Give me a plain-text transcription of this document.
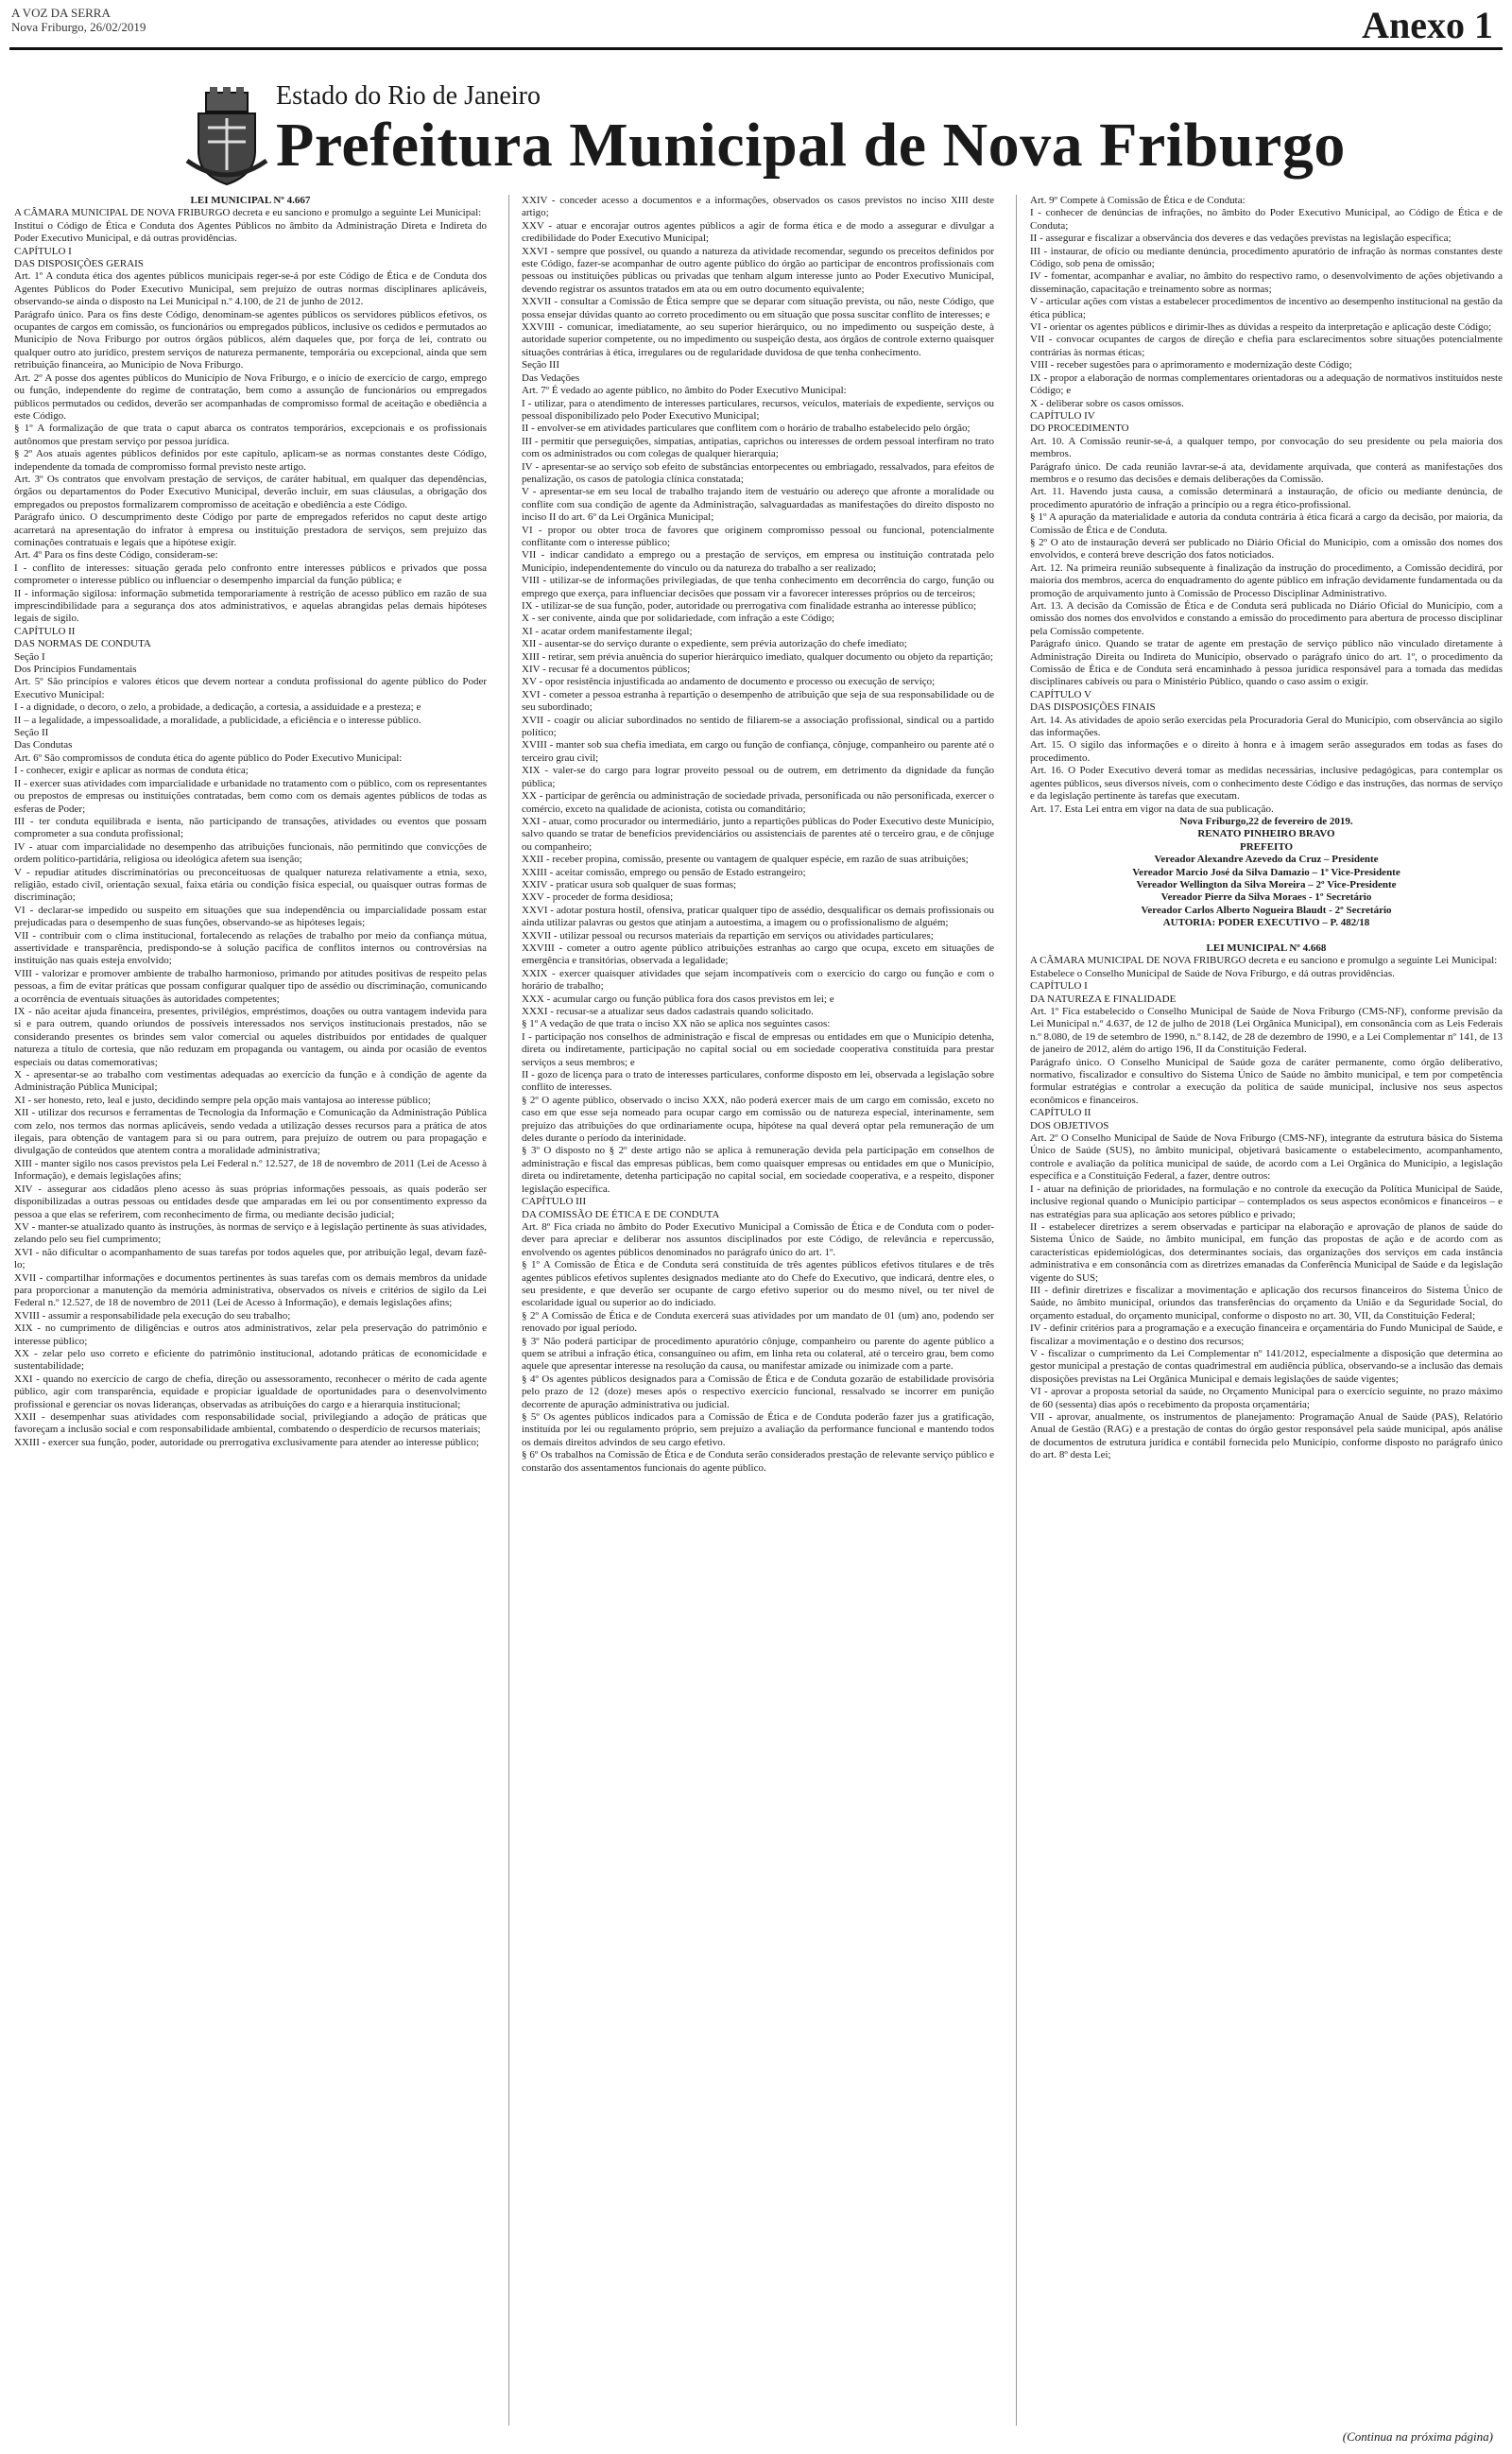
A VOZ DA SERRA
Nova Friburgo, 26/02/2019	Anexo 1
Estado do Rio de Janeiro
Prefeitura Municipal de Nova Friburgo

LEI MUNICIPAL Nº 4.667

A CÂMARA MUNICIPAL DE NOVA FRIBURGO decreta e eu sanciono e promulgo a seguinte Lei Municipal:

Institui o Código de Ética e Conduta dos Agentes Públicos no âmbito da Administração Direta e Indireta do Poder Executivo Municipal, e dá outras providências.

CAPÍTULO I

DAS DISPOSIÇÕES GERAIS

Art. 1º A conduta ética dos agentes públicos municipais reger-se-á por este Código de Ética e de Conduta dos Agentes Públicos do Poder Executivo Municipal, sem prejuízo de outras normas disciplinares aplicáveis, observando-se ainda o disposto na Lei Municipal n.º 4.100, de 21 de junho de 2012.

Parágrafo único. Para os fins deste Código, denominam-se agentes públicos os servidores públicos efetivos, os ocupantes de cargos em comissão, os funcionários ou empregados públicos, inclusive os cedidos e permutados ao Município de Nova Friburgo por outros órgãos públicos, além daqueles que, por força de lei, contrato ou qualquer outro ato jurídico, prestem serviços de natureza permanente, temporária ou excepcional, ainda que sem retribuição financeira, ao Município de Nova Friburgo.

Art. 2º A posse dos agentes públicos do Município de Nova Friburgo, e o início de exercício de cargo, emprego ou função, independente do regime de contratação, bem como a assunção de funcionários ou empregados públicos permutados ou cedidos, deverão ser acompanhadas de compromisso formal de aceitação e obediência a este Código.

§ 1º A formalização de que trata o caput abarca os contratos temporários, excepcionais e os profissionais autônomos que prestam serviço por pessoa jurídica.

§ 2º Aos atuais agentes públicos definidos por este capítulo, aplicam-se as normas constantes deste Código, independente da tomada de compromisso formal previsto neste artigo.

Art. 3º Os contratos que envolvam prestação de serviços, de caráter habitual, em qualquer das dependências, órgãos ou departamentos do Poder Executivo Municipal, deverão incluir, em suas cláusulas, a obrigação dos empregados ou prepostos formalizarem compromisso de aceitação e obediência a este Código.

Parágrafo único. O descumprimento deste Código por parte de empregados referidos no caput deste artigo acarretará na apresentação do infrator à empresa ou instituição prestadora de serviços, sem prejuízo das cominações contratuais e legais que a hipótese exigir.

Art. 4º Para os fins deste Código, consideram-se:

I - conflito de interesses: situação gerada pelo confronto entre interesses públicos e privados que possa comprometer o interesse público ou influenciar o desempenho imparcial da função pública; e

II - informação sigilosa: informação submetida temporariamente à restrição de acesso público em razão de sua imprescindibilidade para a segurança dos atos administrativos, e aquelas abrangidas pelas demais hipóteses legais de sigilo.

CAPÍTULO II

DAS NORMAS DE CONDUTA

Seção I

Dos Princípios Fundamentais

Art. 5º São princípios e valores éticos que devem nortear a conduta profissional do agente público do Poder Executivo Municipal:

I - a dignidade, o decoro, o zelo, a probidade, a dedicação, a cortesia, a assiduidade e a presteza; e

II – a legalidade, a impessoalidade, a moralidade, a publicidade, a eficiência e o interesse público.

Seção II

Das Condutas

Art. 6º São compromissos de conduta ética do agente público do Poder Executivo Municipal:

I - conhecer, exigir e aplicar as normas de conduta ética;

II - exercer suas atividades com imparcialidade e urbanidade no tratamento com o público, com os representantes ou prepostos de empresas ou instituições contratadas, bem como com os demais agentes públicos de todas as esferas de Poder;

III - ter conduta equilibrada e isenta, não participando de transações, atividades ou eventos que possam comprometer a sua conduta profissional;

IV - atuar com imparcialidade no desempenho das atribuições funcionais, não permitindo que convicções de ordem político-partidária, religiosa ou ideológica afetem sua isenção;

V - repudiar atitudes discriminatórias ou preconceituosas de qualquer natureza relativamente a etnia, sexo, religião, estado civil, orientação sexual, faixa etária ou condição física especial, ou quaisquer outras formas de discriminação;

VI - declarar-se impedido ou suspeito em situações que sua independência ou imparcialidade possam estar prejudicadas para o desempenho de suas funções, observando-se as hipóteses legais;

VII - contribuir com o clima institucional, fortalecendo as relações de trabalho por meio da confiança mútua, assertividade e transparência, predispondo-se à solução pacífica de conflitos internos ou controvérsias na instituição nas quais esteja envolvido;

VIII - valorizar e promover ambiente de trabalho harmonioso, primando por atitudes positivas de respeito pelas pessoas, a fim de evitar práticas que possam configurar qualquer tipo de assédio ou discriminação, comunicando a ocorrência de eventuais situações às autoridades competentes;

IX - não aceitar ajuda financeira, presentes, privilégios, empréstimos, doações ou outra vantagem indevida para si e para outrem, quando oriundos de possíveis interessados nos serviços institucionais prestados, não se considerando presentes os brindes sem valor comercial ou aqueles distribuídos por entidades de qualquer natureza a título de cortesia, que não reduzam em propaganda ou vantagem, ou ainda por ocasião de eventos especiais ou datas comemorativas;

X - apresentar-se ao trabalho com vestimentas adequadas ao exercício da função e à condição de agente da Administração Pública Municipal;

XI - ser honesto, reto, leal e justo, decidindo sempre pela opção mais vantajosa ao interesse público;

XII - utilizar dos recursos e ferramentas de Tecnologia da Informação e Comunicação da Administração Pública com zelo, nos termos das normas aplicáveis, sendo vedada a utilização desses recursos para a prática de atos ilegais, para obtenção de vantagem para si ou para outrem, para prejuízo de outrem ou para propagação e divulgação de conteúdos que atentem contra a moralidade administrativa;

XIII - manter sigilo nos casos previstos pela Lei Federal n.º 12.527, de 18 de novembro de 2011 (Lei de Acesso à Informação), e demais legislações afins;

XIV - assegurar aos cidadãos pleno acesso às suas próprias informações pessoais, as quais poderão ser disponibilizadas a outras pessoas ou entidades desde que amparadas em lei ou por consentimento expresso da pessoa a que elas se referirem, com reconhecimento de firma, ou mediante decisão judicial;

XV - manter-se atualizado quanto às instruções, às normas de serviço e à legislação pertinente às suas atividades, zelando pelo seu fiel cumprimento;

XVI - não dificultar o acompanhamento de suas tarefas por todos aqueles que, por atribuição legal, devam fazê-lo;

XVII - compartilhar informações e documentos pertinentes às suas tarefas com os demais membros da unidade para proporcionar a manutenção da memória administrativa, observados os níveis e critérios de sigilo da Lei Federal n.º 12.527, de 18 de novembro de 2011 (Lei de Acesso à Informação), e demais legislações afins;

XVIII - assumir a responsabilidade pela execução do seu trabalho;

XIX - no cumprimento de diligências e outros atos administrativos, zelar pela preservação do patrimônio e interesse público;

XX - zelar pelo uso correto e eficiente do patrimônio institucional, adotando práticas de economicidade e sustentabilidade;

XXI - quando no exercício de cargo de chefia, direção ou assessoramento, reconhecer o mérito de cada agente público, agir com transparência, equidade e propiciar igualdade de oportunidades para o desenvolvimento profissional e gerenciar os novas lideranças, observadas as atribuições do cargo e a hierarquia institucional;

XXII - desempenhar suas atividades com responsabilidade social, privilegiando a adoção de práticas que favoreçam a inclusão social e com responsabilidade ambiental, combatendo o desperdício de recursos materiais;

XXIII - exercer sua função, poder, autoridade ou prerrogativa exclusivamente para atender ao interesse público;

XXIV - conceder acesso a documentos e a informações, observados os casos previstos no inciso XIII deste artigo;

XXV - atuar e encorajar outros agentes públicos a agir de forma ética e de modo a assegurar e divulgar a credibilidade do Poder Executivo Municipal;

XXVI - sempre que possível, ou quando a natureza da atividade recomendar, segundo os preceitos definidos por este Código, fazer-se acompanhar de outro agente público do órgão ao participar de encontros profissionais com pessoas ou instituições públicas ou privadas que tenham algum interesse junto ao Poder Executivo Municipal, devendo registrar os assuntos tratados em ata ou em outro documento equivalente;

XXVII - consultar a Comissão de Ética sempre que se deparar com situação prevista, ou não, neste Código, que possa ensejar dúvidas quanto ao correto procedimento ou em situação que possa suscitar conflito de interesses; e

XXVIII - comunicar, imediatamente, ao seu superior hierárquico, ou no impedimento ou suspeição deste, à autoridade superior competente, ou no impedimento ou suspeição desta, aos órgãos de controle externo quaisquer situações contrárias à ética, irregulares ou de regularidade duvidosa de que tenha conhecimento.

Seção III

Das Vedações

Art. 7º É vedado ao agente público, no âmbito do Poder Executivo Municipal:

I - utilizar, para o atendimento de interesses particulares, recursos, veículos, materiais de expediente, serviços ou pessoal disponibilizado pelo Poder Executivo Municipal;

II - envolver-se em atividades particulares que conflitem com o horário de trabalho estabelecido pelo órgão;

III - permitir que perseguições, simpatias, antipatias, caprichos ou interesses de ordem pessoal interfiram no trato com os administrados ou com colegas de qualquer hierarquia;

IV - apresentar-se ao serviço sob efeito de substâncias entorpecentes ou embriagado, ressalvados, para efeitos de penalização, os casos de patologia clínica constatada;

V - apresentar-se em seu local de trabalho trajando item de vestuário ou adereço que afronte a moralidade ou conflite com sua condição de agente da Administração, salvaguardadas as manifestações do direito disposto no inciso II do art. 6º da Lei Orgânica Municipal;

VI - propor ou obter troca de favores que originem compromisso pessoal ou funcional, potencialmente conflitante com o interesse público;

VII - indicar candidato a emprego ou a prestação de serviços, em empresa ou instituição contratada pelo Município, independentemente do vínculo ou da natureza do trabalho a ser realizado;

VIII - utilizar-se de informações privilegiadas, de que tenha conhecimento em decorrência do cargo, função ou emprego que exerça, para influenciar decisões que possam vir a favorecer interesses próprios ou de terceiros;

IX - utilizar-se de sua função, poder, autoridade ou prerrogativa com finalidade estranha ao interesse público;

X - ser conivente, ainda que por solidariedade, com infração a este Código;

XI - acatar ordem manifestamente ilegal;

XII - ausentar-se do serviço durante o expediente, sem prévia autorização do chefe imediato;

XIII - retirar, sem prévia anuência do superior hierárquico imediato, qualquer documento ou objeto da repartição;

XIV - recusar fé a documentos públicos;

XV - opor resistência injustificada ao andamento de documento e processo ou execução de serviço;

XVI - cometer a pessoa estranha à repartição o desempenho de atribuição que seja de sua responsabilidade ou de seu subordinado;

XVII - coagir ou aliciar subordinados no sentido de filiarem-se a associação profissional, sindical ou a partido político;

XVIII - manter sob sua chefia imediata, em cargo ou função de confiança, cônjuge, companheiro ou parente até o terceiro grau civil;

XIX - valer-se do cargo para lograr proveito pessoal ou de outrem, em detrimento da dignidade da função pública;

XX - participar de gerência ou administração de sociedade privada, personificada ou não personificada, exercer o comércio, exceto na qualidade de acionista, cotista ou comanditário;

XXI - atuar, como procurador ou intermediário, junto a repartições públicas do Poder Executivo deste Município, salvo quando se tratar de benefícios previdenciários ou assistenciais de parentes até o terceiro grau, e de cônjuge ou companheiro;

XXII - receber propina, comissão, presente ou vantagem de qualquer espécie, em razão de suas atribuições;

XXIII - aceitar comissão, emprego ou pensão de Estado estrangeiro;

XXIV - praticar usura sob qualquer de suas formas;

XXV - proceder de forma desidiosa;

XXVI - adotar postura hostil, ofensiva, praticar qualquer tipo de assédio, desqualificar os demais profissionais ou ainda utilizar palavras ou gestos que atinjam a autoestima, a imagem ou o profissionalismo de alguém;

XXVII - utilizar pessoal ou recursos materiais da repartição em serviços ou atividades particulares;

XXVIII - cometer a outro agente público atribuições estranhas ao cargo que ocupa, exceto em situações de emergência e transitórias, observada a legalidade;

XXIX - exercer quaisquer atividades que sejam incompatíveis com o exercício do cargo ou função e com o horário de trabalho;

XXX - acumular cargo ou função pública fora dos casos previstos em lei; e

XXXI - recusar-se a atualizar seus dados cadastrais quando solicitado.

§ 1º A vedação de que trata o inciso XX não se aplica nos seguintes casos:

I - participação nos conselhos de administração e fiscal de empresas ou entidades em que o Município detenha, direta ou indiretamente, participação no capital social ou em sociedade cooperativa constituída para prestar serviços a seus membros; e

II - gozo de licença para o trato de interesses particulares, conforme disposto em lei, observada a legislação sobre conflito de interesses.

§ 2º O agente público, observado o inciso XXX, não poderá exercer mais de um cargo em comissão, exceto no caso em que esse seja nomeado para ocupar cargo em comissão ou de natureza especial, interinamente, sem prejuízo das atribuições do que ordinariamente ocupa, hipótese na qual deverá optar pela remuneração de um deles durante o período da interinidade.

§ 3º O disposto no § 2º deste artigo não se aplica à remuneração devida pela participação em conselhos de administração e fiscal das empresas públicas, bem como quaisquer empresas ou entidades em que o Município, direta ou indiretamente, detenha participação no capital social, em sociedade cooperativa, e a respeito, disponer legislação específica.

CAPÍTULO III

DA COMISSÃO DE ÉTICA E DE CONDUTA

Art. 8º Fica criada no âmbito do Poder Executivo Municipal a Comissão de Ética e de Conduta com o poder-dever para apreciar e deliberar nos assuntos disciplinados por este Código, de relevância e repercussão, envolvendo os agentes públicos denominados no parágrafo único do art. 1º.

§ 1º A Comissão de Ética e de Conduta será constituída de três agentes públicos efetivos titulares e de três agentes públicos efetivos suplentes designados mediante ato do Chefe do Executivo, que indicará, dentre eles, o seu presidente, e que deverão ser ocupante de cargo efetivo superior ou do mesmo nível, ou ter nível de escolaridade igual ou superior ao do indiciado.

§ 2º A Comissão de Ética e de Conduta exercerá suas atividades por um mandato de 01 (um) ano, podendo ser renovado por igual período.

§ 3º Não poderá participar de procedimento apuratório cônjuge, companheiro ou parente do agente público a quem se atribui a infração ética, consanguíneo ou afim, em linha reta ou colateral, até o terceiro grau, bem como aquele que apresentar interesse na resolução da causa, ou manifestar amizade ou inimizade com a parte.

§ 4º Os agentes públicos designados para a Comissão de Ética e de Conduta gozarão de estabilidade provisória pelo prazo de 12 (doze) meses após o respectivo exercício funcional, ressalvado se incorrer em punição decorrente de apuração administrativa ou judicial.

§ 5º Os agentes públicos indicados para a Comissão de Ética e de Conduta poderão fazer jus a gratificação, instituída por lei ou regulamento próprio, sem prejuízo a avaliação da performance funcional e mantendo todos os demais direitos advindos de seu cargo efetivo.

§ 6º Os trabalhos na Comissão de Ética e de Conduta serão considerados prestação de relevante serviço público e constarão dos assentamentos funcionais do agente público.

Art. 9º Compete à Comissão de Ética e de Conduta:

I - conhecer de denúncias de infrações, no âmbito do Poder Executivo Municipal, ao Código de Ética e de Conduta;

II - assegurar e fiscalizar a observância dos deveres e das vedações previstas na legislação específica;

III - instaurar, de ofício ou mediante denúncia, procedimento apuratório de infração às normas constantes deste Código, sob pena de omissão;

IV - fomentar, acompanhar e avaliar, no âmbito do respectivo ramo, o desenvolvimento de ações objetivando a disseminação, capacitação e treinamento sobre as normas;

V - articular ações com vistas a estabelecer procedimentos de incentivo ao desempenho institucional na gestão da ética pública;

VI - orientar os agentes públicos e dirimir-lhes as dúvidas a respeito da interpretação e aplicação deste Código;

VII - convocar ocupantes de cargos de direção e chefia para esclarecimentos sobre situações potencialmente contrárias às normas éticas;

VIII - receber sugestões para o aprimoramento e modernização deste Código;

IX - propor a elaboração de normas complementares orientadoras ou a adequação de normativos instituídos neste Código; e

X - deliberar sobre os casos omissos.

CAPÍTULO IV

DO PROCEDIMENTO

Art. 10. A Comissão reunir-se-á, a qualquer tempo, por convocação do seu presidente ou pela maioria dos membros.

Parágrafo único. De cada reunião lavrar-se-á ata, devidamente arquivada, que conterá as manifestações dos membros e o resumo das decisões e demais deliberações da Comissão.

Art. 11. Havendo justa causa, a comissão determinará a instauração, de ofício ou mediante denúncia, de procedimento apuratório de infração a princípio ou a regra ético-profissional.

§ 1º A apuração da materialidade e autoria da conduta contrária à ética ficará a cargo da decisão, por maioria, da Comissão de Ética e de Conduta.

§ 2º O ato de instauração deverá ser publicado no Diário Oficial do Município, com a omissão dos nomes dos envolvidos, e conterá breve descrição dos fatos noticiados.

Art. 12. Na primeira reunião subsequente à finalização da instrução do procedimento, a Comissão decidirá, por maioria dos membros, acerca do enquadramento do agente público em infração devidamente fundamentada ou da promoção de arquivamento junto à Comissão de Processo Disciplinar Administrativo.

Art. 13. A decisão da Comissão de Ética e de Conduta será publicada no Diário Oficial do Município, com a omissão dos nomes dos envolvidos e constando a emissão do procedimento para abertura de processo disciplinar pela Comissão competente.

Parágrafo único. Quando se tratar de agente em prestação de serviço público não vinculado diretamente à Administração Direita ou Indireta do Município, observado o parágrafo único do art. 1º, o procedimento da Comissão de Ética e de Conduta será encaminhado à pessoa jurídica responsável para a tomada das medidas disciplinares cabíveis ou para o Ministério Público, quando o caso assim o exigir.

CAPÍTULO V

DAS DISPOSIÇÕES FINAIS

Art. 14. As atividades de apoio serão exercidas pela Procuradoria Geral do Município, com observância ao sigilo das informações.

Art. 15. O sigilo das informações e o direito à honra e à imagem serão assegurados em todas as fases do procedimento.

Art. 16. O Poder Executivo deverá tomar as medidas necessárias, inclusive pedagógicas, para contemplar os agentes públicos, seus diversos níveis, com o conhecimento deste Código e das instruções, das normas de serviço e da legislação pertinente às tarefas que executam.

Art. 17. Esta Lei entra em vigor na data de sua publicação.

Nova Friburgo,22 de fevereiro de 2019.

RENATO PINHEIRO BRAVO

PREFEITO

Vereador Alexandre Azevedo da Cruz – Presidente

Vereador Marcio José da Silva Damazio – 1º Vice-Presidente

Vereador Wellington da Silva Moreira – 2º Vice-Presidente

Vereador Pierre da Silva Moraes - 1º Secretário

Vereador Carlos Alberto Nogueira Blaudt - 2º Secretário

AUTORIA: PODER EXECUTIVO – P. 482/18

LEI MUNICIPAL Nº 4.668

A CÂMARA MUNICIPAL DE NOVA FRIBURGO decreta e eu sanciono e promulgo a seguinte Lei Municipal:

Estabelece o Conselho Municipal de Saúde de Nova Friburgo, e dá outras providências.

CAPÍTULO I

DA NATUREZA E FINALIDADE

Art. 1º Fica estabelecido o Conselho Municipal de Saúde de Nova Friburgo (CMS-NF), conforme previsão da Lei Municipal n.º 4.637, de 12 de julho de 2018 (Lei Orgânica Municipal), em consonância com as Leis Federais n.º 8.080, de 19 de setembro de 1990, n.º 8.142, de 28 de dezembro de 1990, e a Lei Complementar nº 141, de 13 de janeiro de 2012, além do artigo 196, II da Constituição Federal.

Parágrafo único. O Conselho Municipal de Saúde goza de caráter permanente, como órgão deliberativo, normativo, fiscalizador e consultivo do Sistema Único de Saúde no âmbito municipal, e tem por competência formular estratégias e controlar a execução da política de saúde municipal, inclusive nos seus aspectos econômicos e financeiros.

CAPÍTULO II

DOS OBJETIVOS

Art. 2º O Conselho Municipal de Saúde de Nova Friburgo (CMS-NF), integrante da estrutura básica do Sistema Único de Saúde (SUS), no âmbito municipal, objetivará basicamente o estabelecimento, acompanhamento, controle e avaliação da política municipal de saúde, de acordo com a Lei Orgânica do Município, a legislação específica e a Constituição Federal, a fazer, dentre outros:

I - atuar na definição de prioridades, na formulação e no controle da execução da Política Municipal de Saúde, inclusive regional quando o Município participar – contemplados os seus aspectos econômicos e financeiros – e nas estratégias para sua aplicação aos setores público e privado;

II - estabelecer diretrizes a serem observadas e participar na elaboração e aprovação de planos de saúde do Sistema Único de Saúde, no âmbito municipal, em função das propostas de ação e de acordo com as características epidemiológicas, dos determinantes sociais, das organizações dos serviços em cada instância administrativa e em consonância com as diretrizes emanadas da Conferência Municipal de Saúde e da legislação vigente do SUS;

III - definir diretrizes e fiscalizar a movimentação e aplicação dos recursos financeiros do Sistema Único de Saúde, no âmbito municipal, oriundos das transferências do orçamento da União e da Seguridade Social, do orçamento estadual, do orçamento municipal, conforme o disposto no art. 30, VII, da Constituição Federal;

IV - definir critérios para a programação e a execução financeira e orçamentária do Fundo Municipal de Saúde, e fiscalizar a movimentação e o destino dos recursos;

V - fiscalizar o cumprimento da Lei Complementar nº 141/2012, especialmente a disposição que determina ao gestor municipal a prestação de contas quadrimestral em audiência pública, observando-se a inclusão das demais disposições previstas na Lei Orgânica Municipal e demais legislações de saúde vigentes;

VI - aprovar a proposta setorial da saúde, no Orçamento Municipal para o exercício seguinte, no prazo máximo de 60 (sessenta) dias após o recebimento da proposta orçamentária;

VII - aprovar, anualmente, os instrumentos de planejamento: Programação Anual de Saúde (PAS), Relatório Anual de Gestão (RAG) e a prestação de contas do órgão gestor responsável pela saúde municipal, após análise de documentos de estrutura jurídica e contábil fornecida pelo Município, conforme disposto no parágrafo único do art. 8º desta Lei;

(Continua na próxima página)
